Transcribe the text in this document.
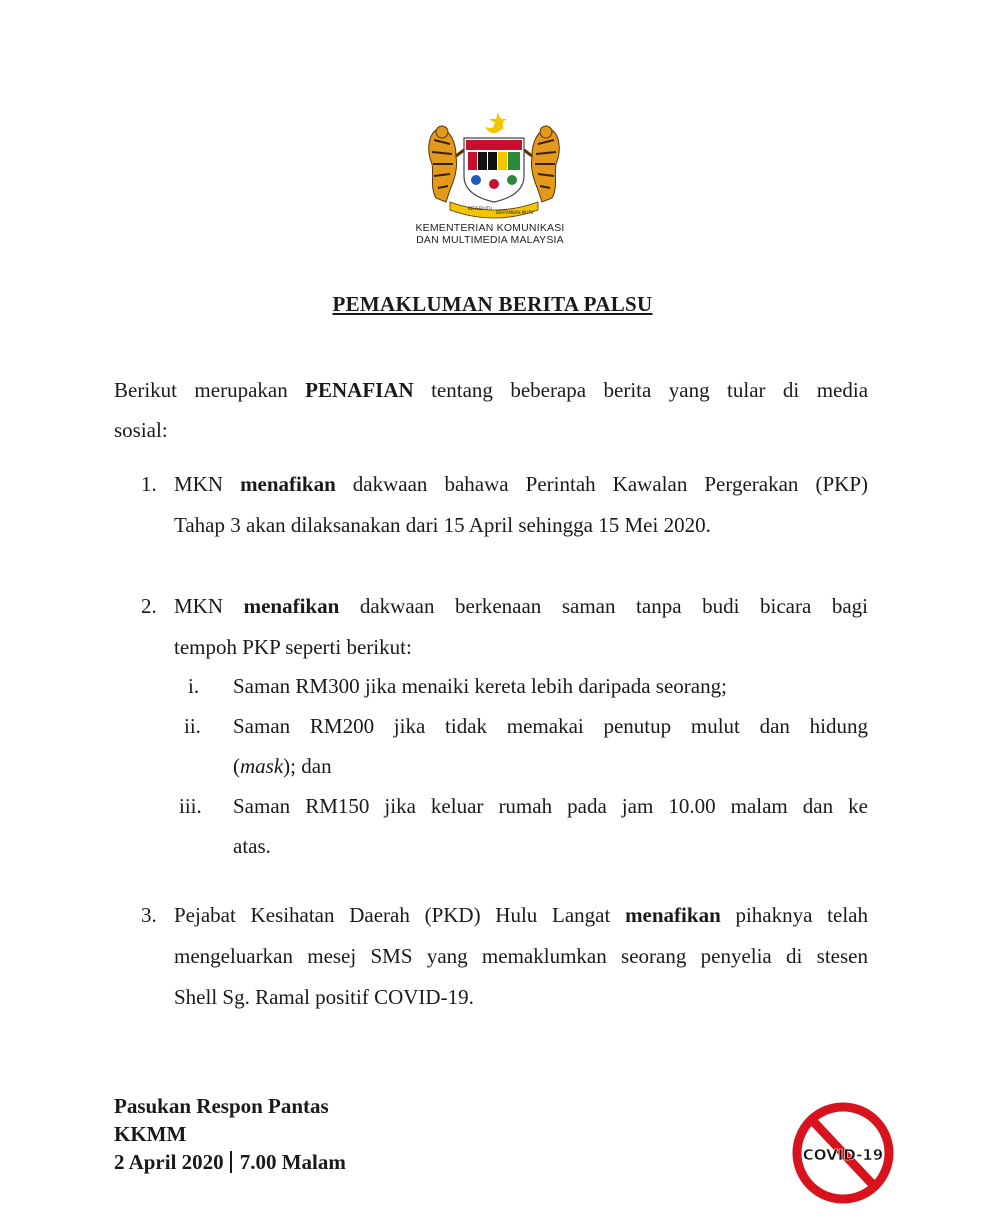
BERSEKUTU
BERTAMBAH MUTU
KEMENTERIAN KOMUNIKASI
DAN MULTIMEDIA MALAYSIA
PEMAKLUMAN BERITA PALSU
Berikut merupakan PENAFIAN tentang beberapa berita yang tular di media
sosial:
1. MKN menafikan dakwaan bahawa Perintah Kawalan Pergerakan (PKP)
Tahap 3 akan dilaksanakan dari 15 April sehingga 15 Mei 2020.
2. MKN menafikan dakwaan berkenaan saman tanpa budi bicara bagi
tempoh PKP seperti berikut:
i. Saman RM300 jika menaiki kereta lebih daripada seorang;
ii. Saman RM200 jika tidak memakai penutup mulut dan hidung
(mask); dan
iii. Saman RM150 jika keluar rumah pada jam 10.00 malam dan ke
atas.
3. Pejabat Kesihatan Daerah (PKD) Hulu Langat menafikan pihaknya telah
mengeluarkan mesej SMS yang memaklumkan seorang penyelia di stesen
Shell Sg. Ramal positif COVID-19.
Pasukan Respon Pantas
KKMM
2 April 2020 7.00 Malam	COVID-19
